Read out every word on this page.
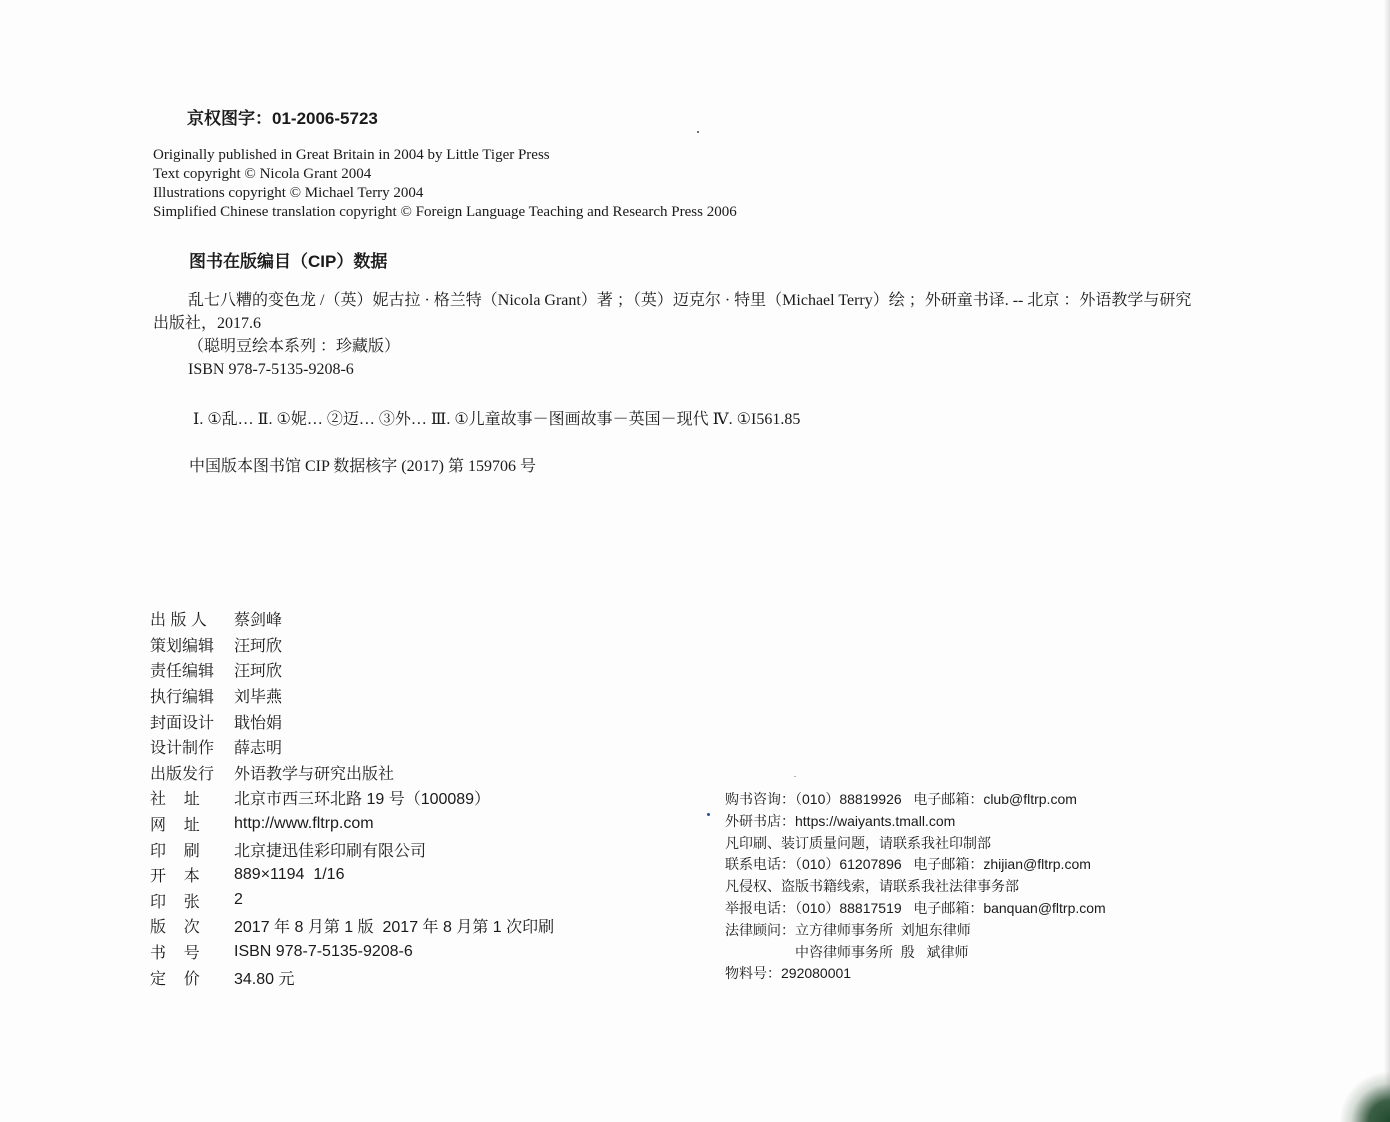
京权图字：01-2006-5723
Originally published in Great Britain in 2004 by Little Tiger Press
Text copyright © Nicola Grant 2004
Illustrations copyright © Michael Terry 2004
Simplified Chinese translation copyright © Foreign Language Teaching and Research Press 2006
图书在版编目（CIP）数据
乱七八糟的变色龙 /（英）妮古拉 · 格兰特（Nicola Grant）著 ；（英）迈克尔 · 特里（Michael Terry）绘 ；外研童书译. -- 北京 ：外语教学与研究
出版社，2017.6
（聪明豆绘本系列 ：珍藏版）
ISBN 978-7-5135-9208-6
Ⅰ. ①乱… Ⅱ. ①妮… ②迈… ③外… Ⅲ. ①儿童故事－图画故事－英国－现代 Ⅳ. ①I561.85
中国版本图书馆 CIP 数据核字 (2017) 第 159706 号
出 版 人	蔡剑峰
策划编辑	汪珂欣
责任编辑	汪珂欣
执行编辑	刘毕燕
封面设计	戢怡娟
设计制作	薛志明
出版发行	外语教学与研究出版社
社    址	北京市西三环北路 19 号（100089）
网    址	http://www.fltrp.com
印    刷	北京捷迅佳彩印刷有限公司
开    本	889×1194  1/16
印    张	2
版    次	2017 年 8 月第 1 版  2017 年 8 月第 1 次印刷
书    号	ISBN 978-7-5135-9208-6
定    价	34.80 元
购书咨询：（010）88819926   电子邮箱：club@fltrp.com
外研书店：https://waiyants.tmall.com
凡印刷、装订质量问题，请联系我社印制部
联系电话：（010）61207896   电子邮箱：zhijian@fltrp.com
凡侵权、盗版书籍线索，请联系我社法律事务部
举报电话：（010）88817519   电子邮箱：banquan@fltrp.com
法律顾问：立方律师事务所  刘旭东律师
中咨律师事务所  殷   斌律师
物料号：292080001
